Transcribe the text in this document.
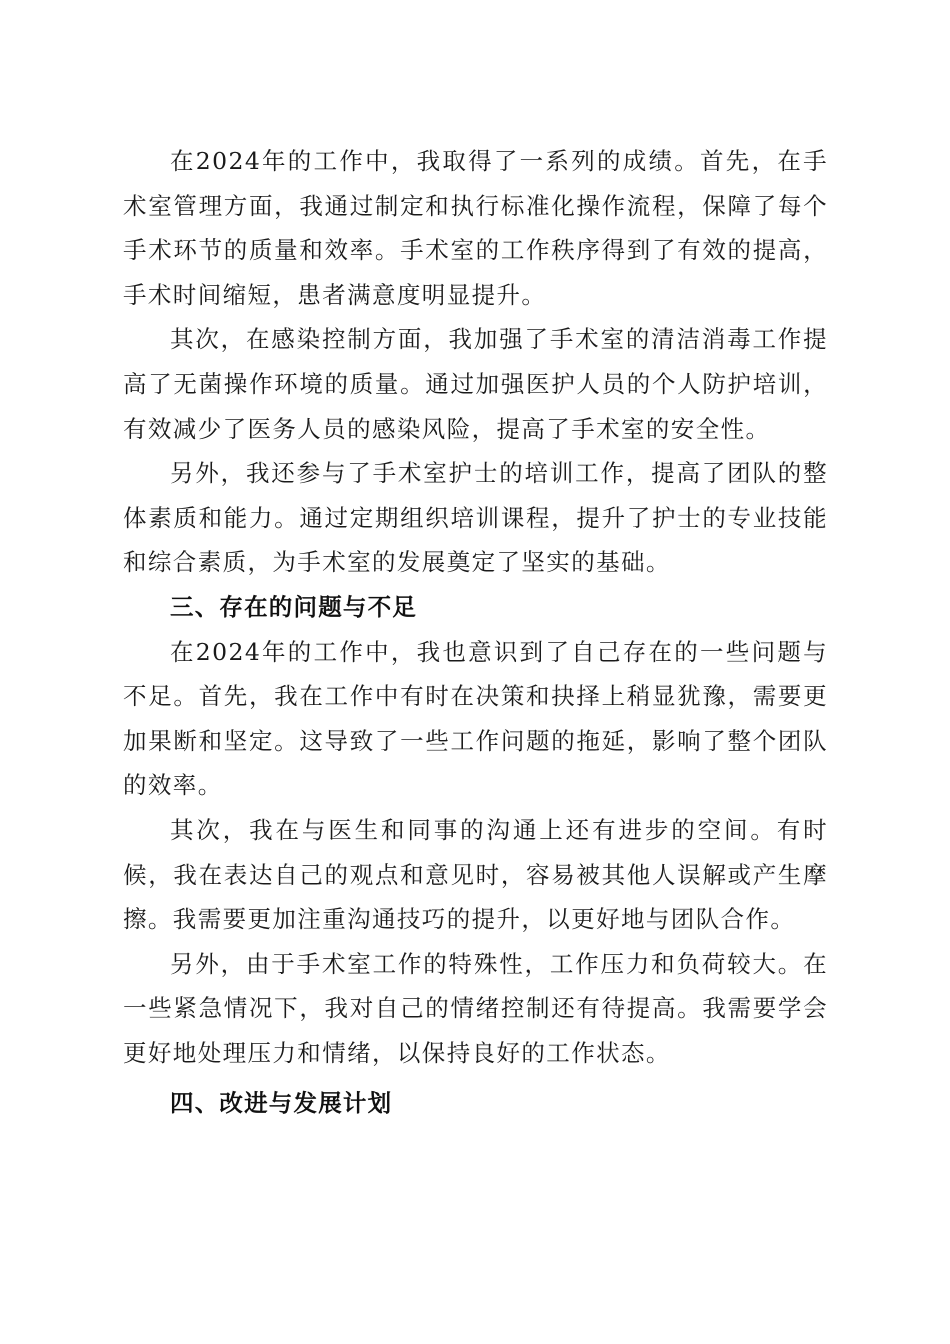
在2024年的工作中，我取得了一系列的成绩。首先，在手术室管理方面，我通过制定和执行标准化操作流程，保障了每个手术环节的质量和效率。手术室的工作秩序得到了有效的提高，手术时间缩短，患者满意度明显提升。

其次，在感染控制方面，我加强了手术室的清洁消毒工作提高了无菌操作环境的质量。通过加强医护人员的个人防护培训，有效减少了医务人员的感染风险，提高了手术室的安全性。

另外，我还参与了手术室护士的培训工作，提高了团队的整体素质和能力。通过定期组织培训课程，提升了护士的专业技能和综合素质，为手术室的发展奠定了坚实的基础。

三、存在的问题与不足

在2024年的工作中，我也意识到了自己存在的一些问题与不足。首先，我在工作中有时在决策和抉择上稍显犹豫，需要更加果断和坚定。这导致了一些工作问题的拖延，影响了整个团队的效率。

其次，我在与医生和同事的沟通上还有进步的空间。有时候，我在表达自己的观点和意见时，容易被其他人误解或产生摩擦。我需要更加注重沟通技巧的提升，以更好地与团队合作。

另外，由于手术室工作的特殊性，工作压力和负荷较大。在一些紧急情况下，我对自己的情绪控制还有待提高。我需要学会更好地处理压力和情绪，以保持良好的工作状态。

四、改进与发展计划
